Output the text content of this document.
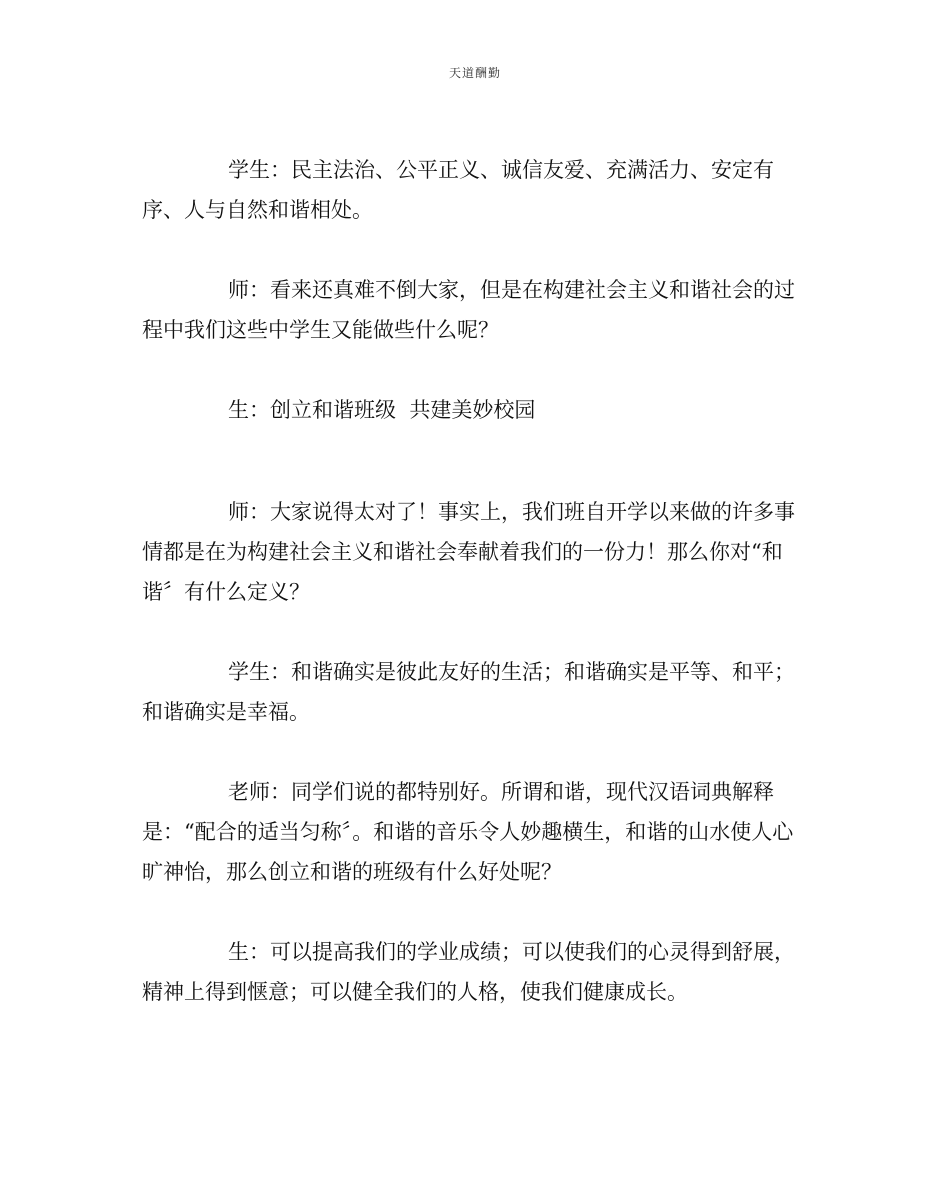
天道酬勤

学生：民主法治、公平正义、诚信友爱、充满活力、安定有序、人与自然和谐相处。

师：看来还真难不倒大家，但是在构建社会主义和谐社会的过程中我们这些中学生又能做些什么呢？

生：创立和谐班级  共建美妙校园

师：大家说得太对了！事实上，我们班自开学以来做的许多事情都是在为构建社会主义和谐社会奉献着我们的一份力！那么你对“和谐〞有什么定义？

学生：和谐确实是彼此友好的生活；和谐确实是平等、和平；和谐确实是幸福。

老师：同学们说的都特别好。所谓和谐，现代汉语词典解释是：“配合的适当匀称〞。和谐的音乐令人妙趣横生，和谐的山水使人心旷神怡，那么创立和谐的班级有什么好处呢？

生：可以提高我们的学业成绩；可以使我们的心灵得到舒展，精神上得到惬意；可以健全我们的人格，使我们健康成长。
